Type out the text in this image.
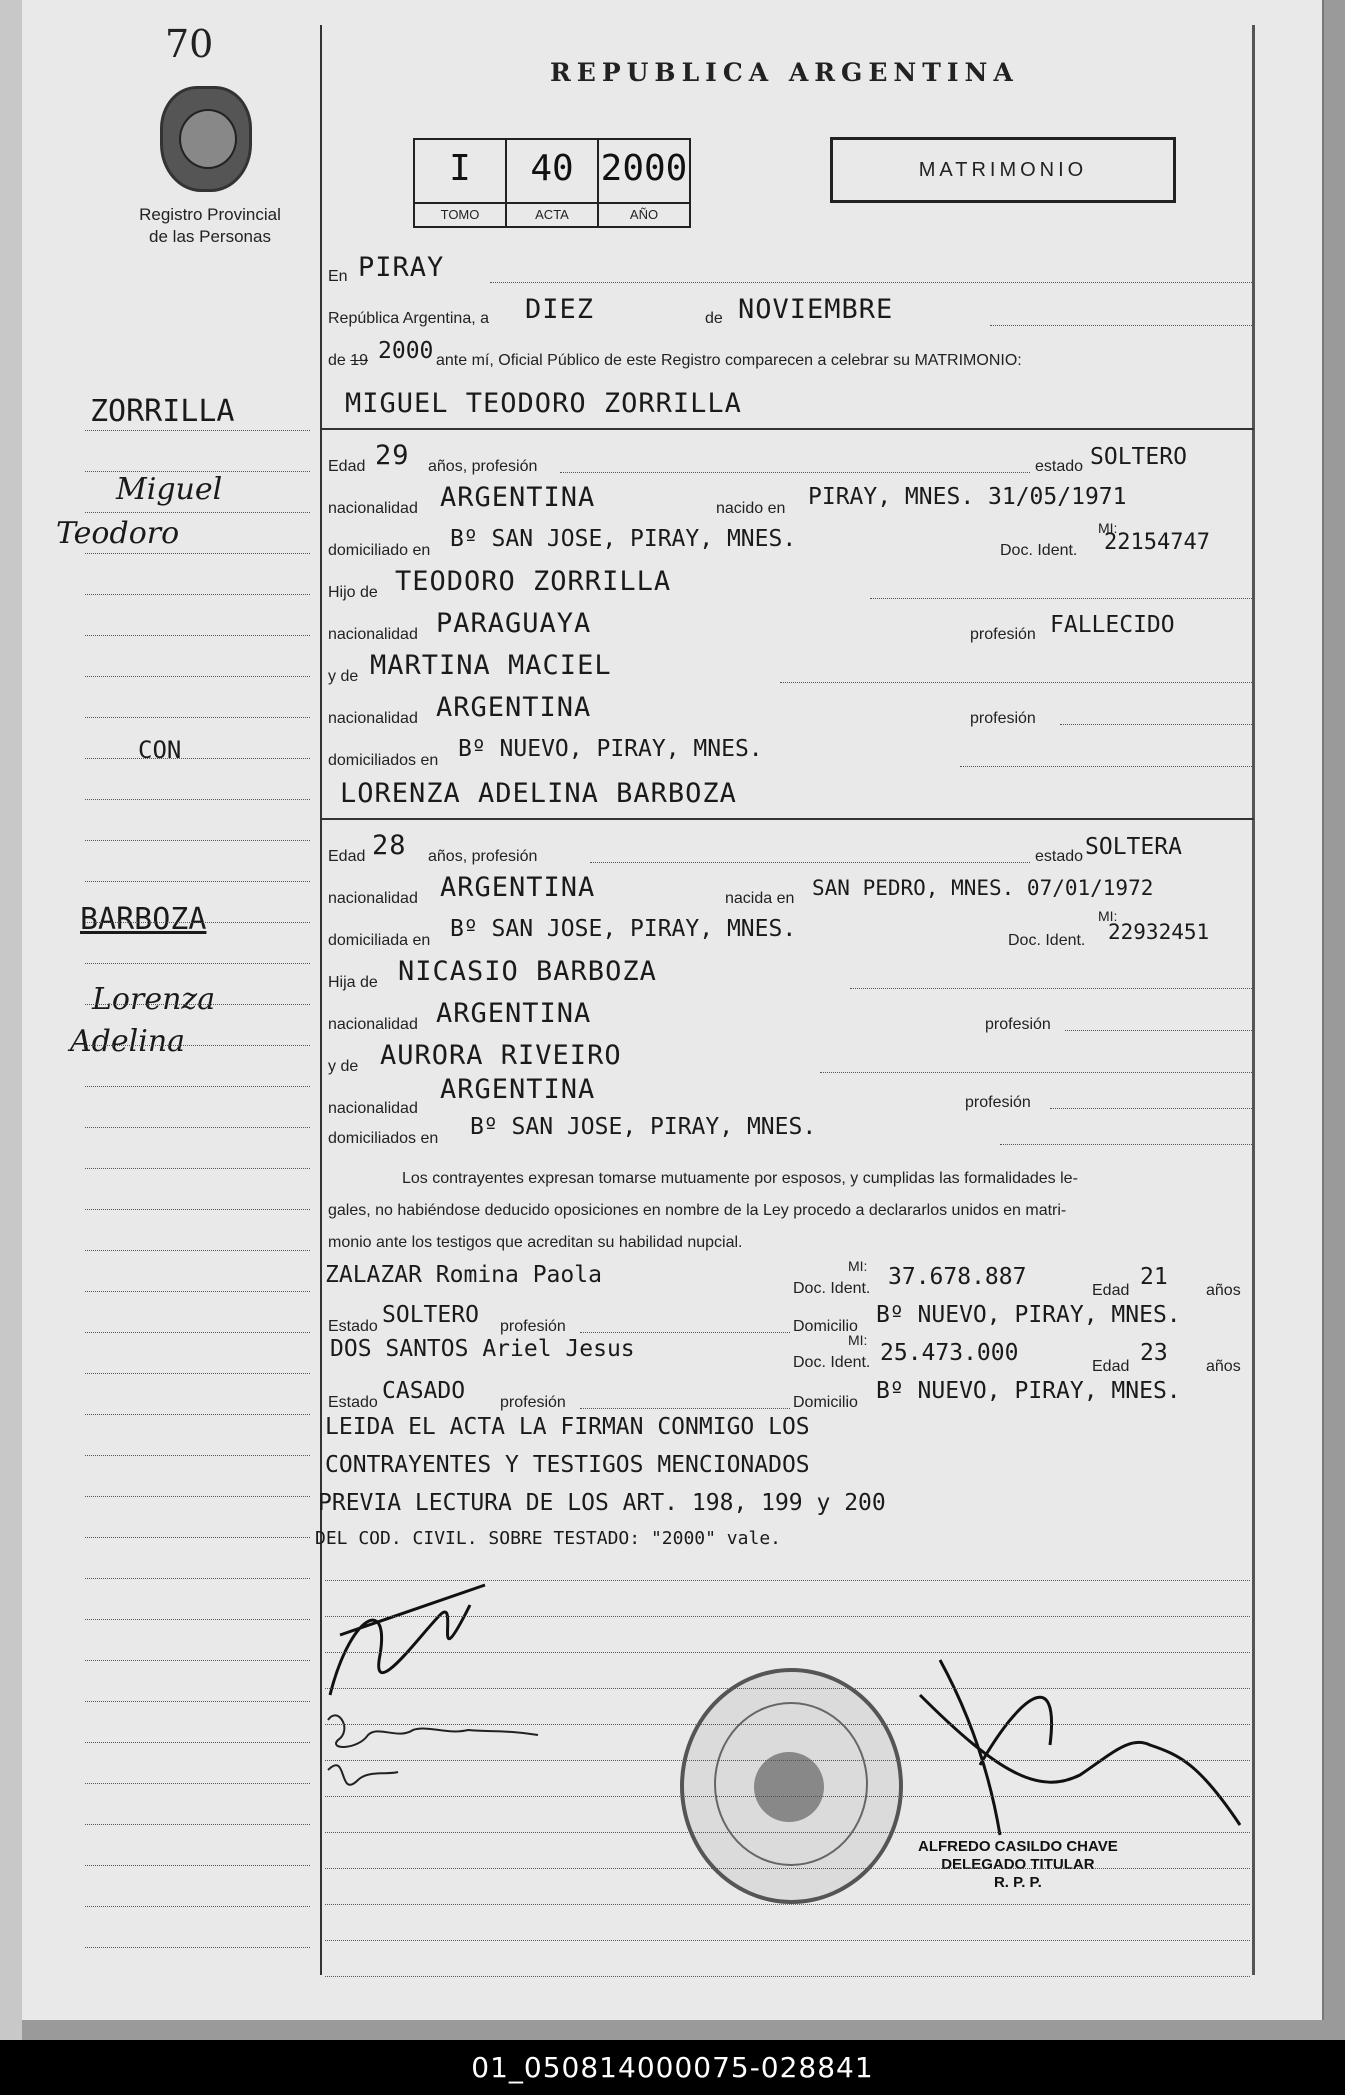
70
Registro Provincial
de las Personas
REPUBLICA ARGENTINA
I
TOMO
40
ACTA
2000
AÑO
MATRIMONIO
En PIRAY
República Argentina, a DIEZ	de NOVIEMBRE
de 19 2000 ante mí, Oficial Público de este Registro comparecen a celebrar su MATRIMONIO:
MIGUEL TEODORO ZORRILLA
Edad 29 años, profesión	estado SOLTERO
nacionalidad ARGENTINA	nacido en PIRAY, MNES. 31/05/1971
domiciliado en Bº SAN JOSE, PIRAY, MNES.	Doc. Ident.
MI:
22154747
Hijo de TEODORO ZORRILLA
nacionalidad PARAGUAYA	profesión FALLECIDO
y de MARTINA MACIEL
nacionalidad ARGENTINA	profesión
domiciliados en Bº NUEVO, PIRAY, MNES.
LORENZA ADELINA BARBOZA
Edad 28 años, profesión	estado SOLTERA
nacionalidad ARGENTINA	nacida en SAN PEDRO, MNES. 07/01/1972
domiciliada en Bº SAN JOSE, PIRAY, MNES.	Doc. Ident.
MI:
22932451
Hija de NICASIO BARBOZA
nacionalidad ARGENTINA	profesión
y de AURORA RIVEIRO
nacionalidad
ARGENTINA	profesión
domiciliados en Bº SAN JOSE, PIRAY, MNES.
Los contrayentes expresan tomarse mutuamente por esposos, y cumplidas las formalidades le-
gales, no habiéndose deducido oposiciones en nombre de la Ley procedo a declararlos unidos en matri-
monio ante los testigos que acreditan su habilidad nupcial.
ZALAZAR Romina Paola
Doc. Ident.
MI: 37.678.887
Edad
21
años
Estado SOLTERO profesión	Domicilio Bº NUEVO, PIRAY, MNES.
DOS SANTOS Ariel Jesus
Doc. Ident.
MI: 25.473.000
Edad
23
años
Estado CASADO profesión	Domicilio Bº NUEVO, PIRAY, MNES.
LEIDA EL ACTA LA FIRMAN CONMIGO LOS
CONTRAYENTES Y TESTIGOS MENCIONADOS
PREVIA LECTURA DE LOS ART. 198, 199 y 200
DEL COD. CIVIL. SOBRE TESTADO: "2000" vale.
ZORRILLA
Miguel
Teodoro
CON
BARBOZA
Lorenza
Adelina
ALFREDO CASILDO CHAVE
DELEGADO TITULAR
R. P. P.
01_050814000075-028841
